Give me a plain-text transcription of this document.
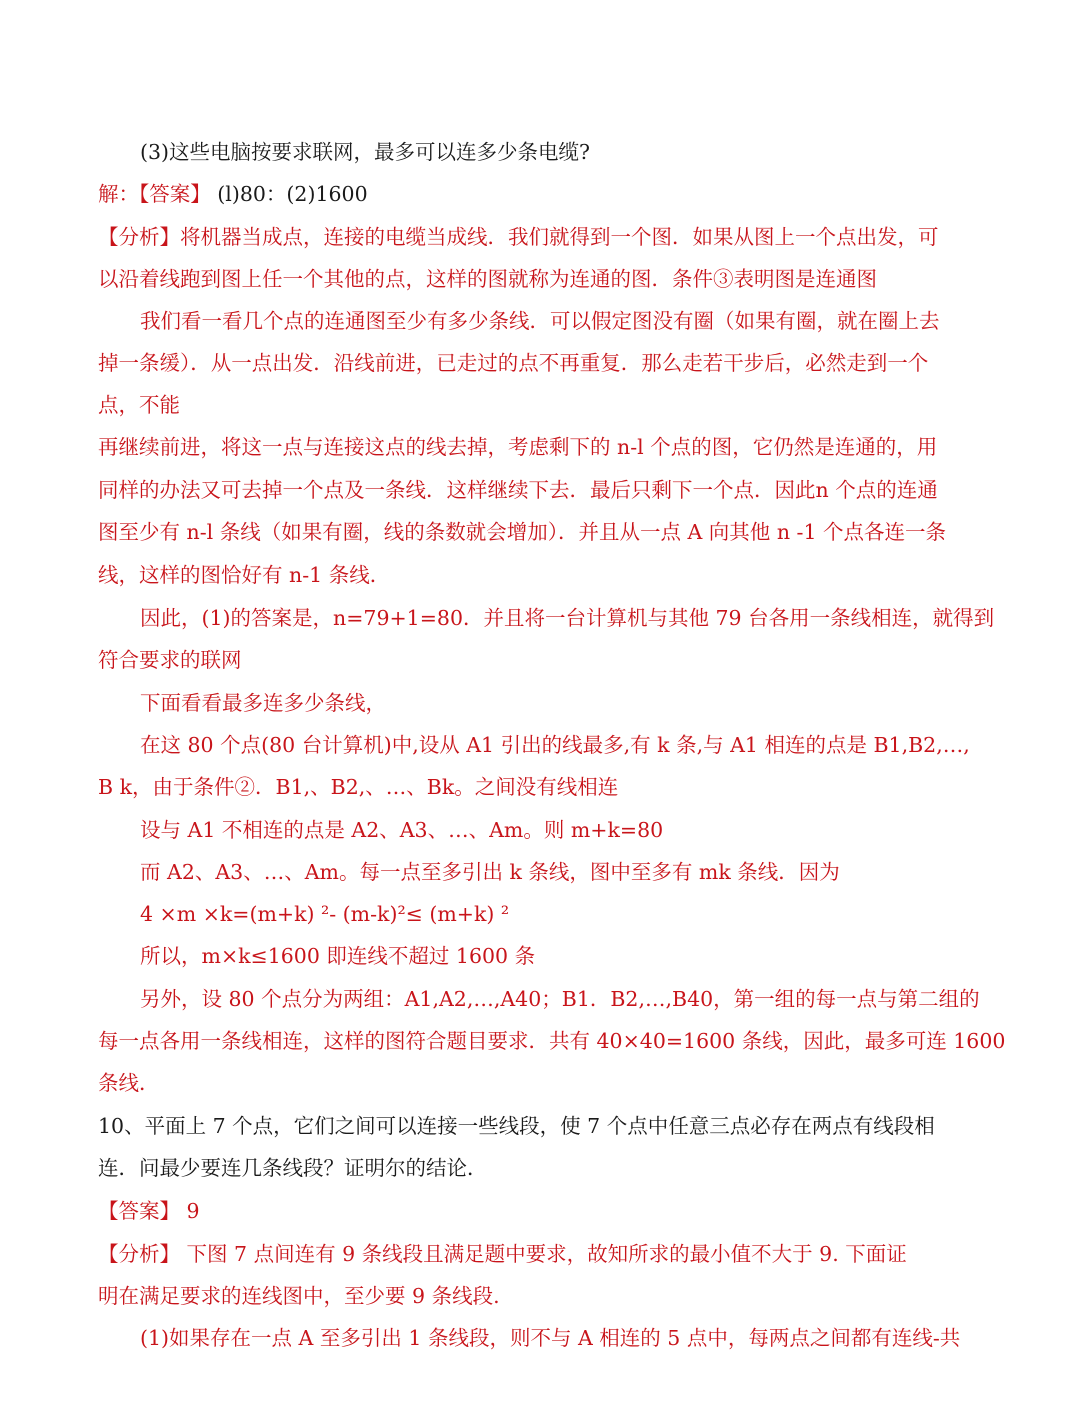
(3)这些电脑按要求联网，最多可以连多少条电缆?
解：【答案】 (l)80：(2)1600
【分析】将机器当成点，连接的电缆当成线．我们就得到一个图．如果从图上一个点出发，可
以沿着线跑到图上任一个其他的点，这样的图就称为连通的图．条件③表明图是连通图
我们看一看几个点的连通图至少有多少条线．可以假定图没有圈（如果有圈，就在圈上去
掉一条缓）．从一点出发．沿线前进，已走过的点不再重复．那么走若干步后，必然走到一个
点，不能
再继续前进，将这一点与连接这点的线去掉，考虑剩下的 n-l 个点的图，它仍然是连通的，用
同样的办法又可去掉一个点及一条线．这样继续下去．最后只剩下一个点．因此n 个点的连通
图至少有 n-l 条线（如果有圈，线的条数就会增加）．并且从一点 A 向其他 n -1 个点各连一条
线，这样的图恰好有 n-1 条线．
因此，(1)的答案是，n=79+1=80．并且将一台计算机与其他 79 台各用一条线相连，就得到
符合要求的联网
下面看看最多连多少条线，
在这 80 个点(80 台计算机)中,设从 A1 引出的线最多,有 k 条,与 A1 相连的点是 B1,B2,…,
B k，由于条件②．B1,、B2,、…、Bk。之间没有线相连
设与 A1 不相连的点是 A2、A3、…、Am。则 m+k=80
而 A2、A3、…、Am。每一点至多引出 k 条线，图中至多有 mk 条线．因为
4 ×m ×k=(m+k) ²- (m-k)²≤ (m+k) ²
所以，m×k≤1600 即连线不超过 1600 条
另外，设 80 个点分为两组：A1,A2,…,A40；B1．B2,…,B40，第一组的每一点与第二组的
每一点各用一条线相连，这样的图符合题目要求．共有 40×40=1600 条线，因此，最多可连 1600
条线．
10、平面上 7 个点，它们之间可以连接一些线段，使 7 个点中任意三点必存在两点有线段相
连．问最少要连几条线段？证明尔的结论．
【答案】 9
【分析】 下图 7 点间连有 9 条线段且满足题中要求，故知所求的最小值不大于 9. 下面证
明在满足要求的连线图中，至少要 9 条线段.
(1)如果存在一点 A 至多引出 1 条线段，则不与 A 相连的 5 点中，每两点之间都有连线-共
